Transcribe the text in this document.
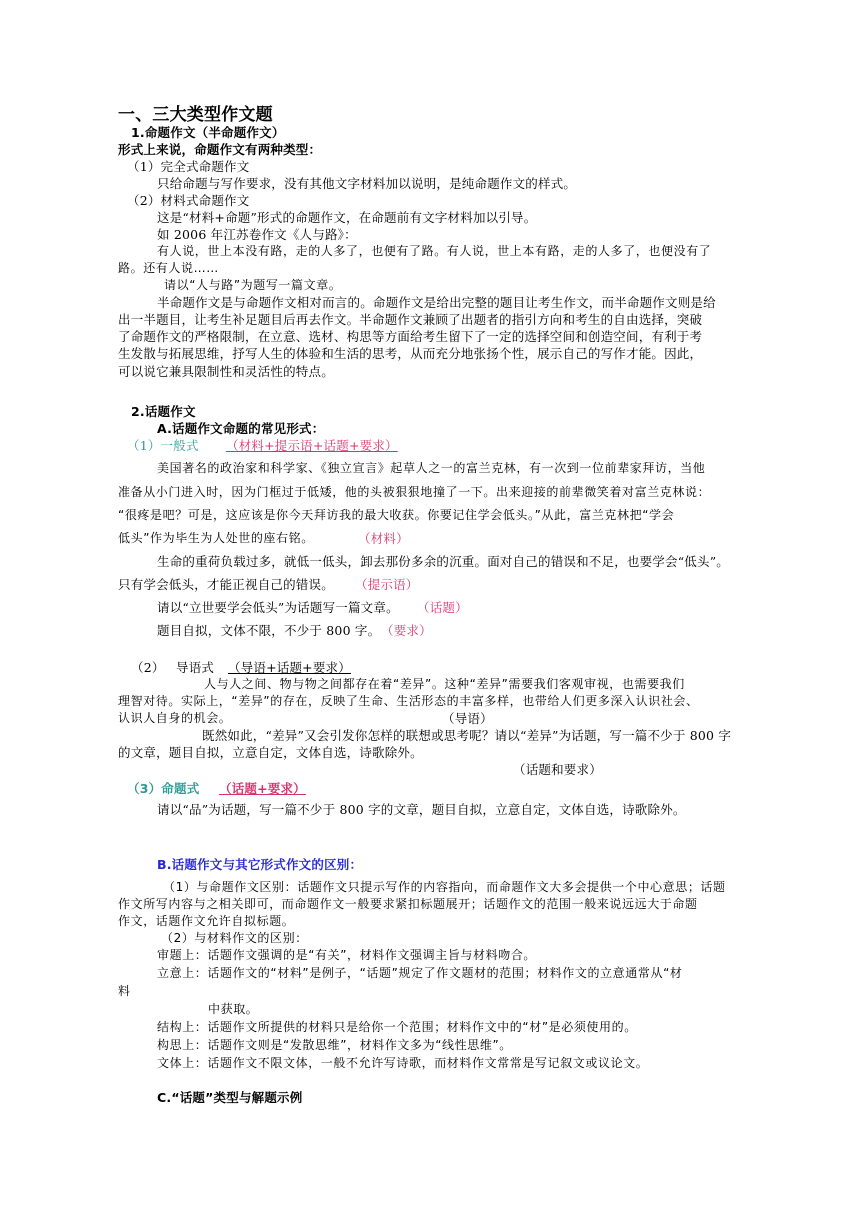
一、三大类型作文题
1.命题作文（半命题作文）
形式上来说，命题作文有两种类型：
（1）完全式命题作文
只给命题与写作要求，没有其他文字材料加以说明，是纯命题作文的样式。
（2）材料式命题作文
这是“材料+命题”形式的命题作文，在命题前有文字材料加以引导。
如 2006 年江苏卷作文《人与路》：
有人说，世上本没有路，走的人多了，也便有了路。有人说，世上本有路，走的人多了，也便没有了
路。还有人说……
请以“人与路”为题写一篇文章。
半命题作文是与命题作文相对而言的。命题作文是给出完整的题目让考生作文，而半命题作文则是给
出一半题目，让考生补足题目后再去作文。半命题作文兼顾了出题者的指引方向和考生的自由选择，突破
了命题作文的严格限制，在立意、选材、构思等方面给考生留下了一定的选择空间和创造空间，有利于考
生发散与拓展思维，抒写人生的体验和生活的思考，从而充分地张扬个性，展示自己的写作才能。因此，
可以说它兼具限制性和灵活性的特点。
2.话题作文
A.话题作文命题的常见形式：
（1）一般式 （材料+提示语+话题+要求）
美国著名的政治家和科学家、《独立宣言》起草人之一的富兰克林，有一次到一位前辈家拜访，当他
准备从小门进入时，因为门框过于低矮，他的头被狠狠地撞了一下。出来迎接的前辈微笑着对富兰克林说：
“很疼是吧？可是，这应该是你今天拜访我的最大收获。你要记住学会低头。”从此，富兰克林把“学会
低头”作为毕生为人处世的座右铭。	（材料）
生命的重荷负载过多，就低一低头，卸去那份多余的沉重。面对自己的错误和不足，也要学会“低头”。
只有学会低头，才能正视自己的错误。 （提示语）
请以“立世要学会低头”为话题写一篇文章。 （话题）
题目自拟，文体不限，不少于 800 字。 （要求）
（2） 导语式 （导语+话题+要求）
人与人之间、物与物之间都存在着“差异”。这种“差异”需要我们客观审视，也需要我们
理智对待。实际上，“差异”的存在，反映了生命、生活形态的丰富多样，也带给人们更多深入认识社会、
认识人自身的机会。	（导语）
既然如此，“差异”又会引发你怎样的联想或思考呢？请以“差异”为话题，写一篇不少于 800 字
的文章，题目自拟，立意自定，文体自选，诗歌除外。
（话题和要求）
（3）命题式 （话题+要求）
请以“品”为话题，写一篇不少于 800 字的文章，题目自拟，立意自定，文体自选，诗歌除外。
B.话题作文与其它形式作文的区别：
（1）与命题作文区别：话题作文只提示写作的内容指向，而命题作文大多会提供一个中心意思；话题
作文所写内容与之相关即可，而命题作文一般要求紧扣标题展开；话题作文的范围一般来说远远大于命题
作文，话题作文允许自拟标题。
（2）与材料作文的区别：
审题上：话题作文强调的是“有关”，材料作文强调主旨与材料吻合。
立意上：话题作文的“材料”是例子，“话题”规定了作文题材的范围；材料作文的立意通常从“材
料
中获取。
结构上：话题作文所提供的材料只是给你一个范围；材料作文中的“材”是必须使用的。
构思上：话题作文则是“发散思维”，材料作文多为“线性思维”。
文体上：话题作文不限文体，一般不允许写诗歌，而材料作文常常是写记叙文或议论文。
C.“话题”类型与解题示例
